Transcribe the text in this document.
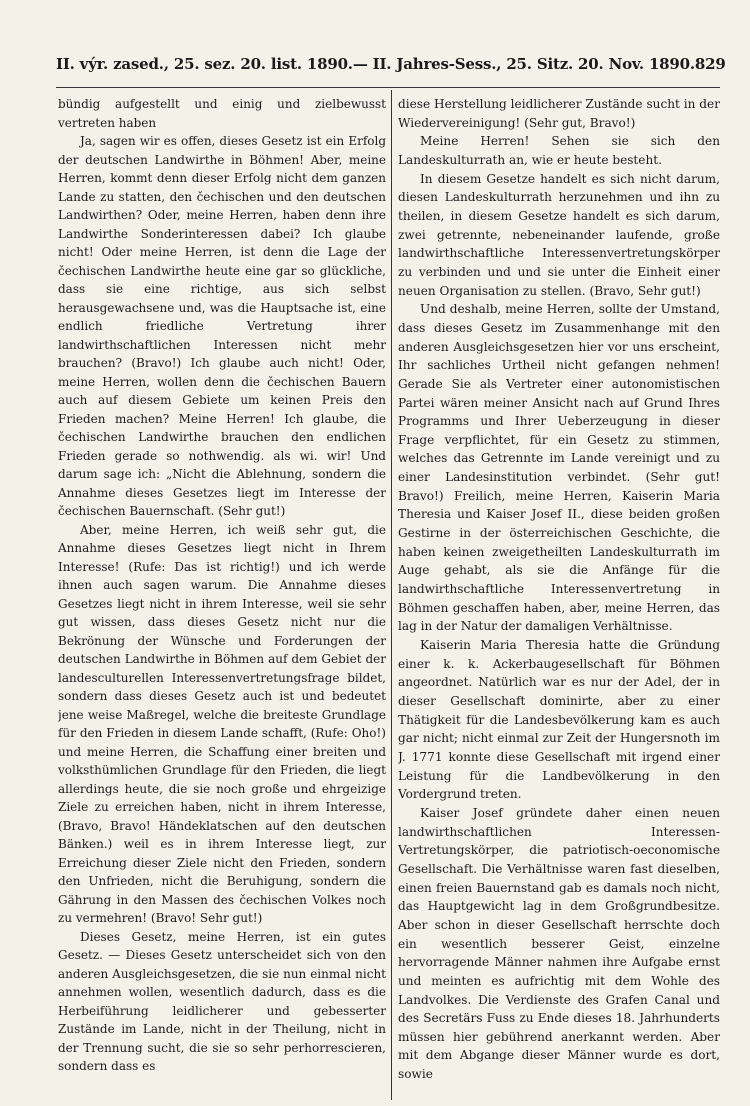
II. výr. zased., 25. sez. 20. list. 1890. — II. Jahres-Sess., 25. Sitz. 20. Nov. 1890. 829

bündig aufgestellt und einig und zielbewusst vertreten haben

Ja, sagen wir es offen, dieses Gesetz ist ein Erfolg der deutschen Landwirthe in Böhmen! Aber, meine Herren, kommt denn dieser Erfolg nicht dem ganzen Lande zu statten, den čechischen und den deutschen Landwirthen? Oder, meine Herren, haben denn ihre Landwirthe Sonderinteressen dabei? Ich glaube nicht! Oder meine Herren, ist denn die Lage der čechischen Landwirthe heute eine gar so glückliche, dass sie eine richtige, aus sich selbst herausgewachsene und, was die Hauptsache ist, eine endlich friedliche Vertretung ihrer landwirthschaftlichen Interessen nicht mehr brauchen? (Bravo!) Ich glaube auch nicht! Oder, meine Herren, wollen denn die čechischen Bauern auch auf diesem Gebiete um keinen Preis den Frieden machen? Meine Herren! Ich glaube, die čechischen Landwirthe brauchen den endlichen Frieden gerade so nothwendig. als wi. wir! Und darum sage ich: „Nicht die Ablehnung, sondern die Annahme dieses Gesetzes liegt im Interesse der čechischen Bauernschaft. (Sehr gut!)

Aber, meine Herren, ich weiß sehr gut, die Annahme dieses Gesetzes liegt nicht in Ihrem Interesse! (Rufe: Das ist richtig!) und ich werde ihnen auch sagen warum. Die Annahme dieses Gesetzes liegt nicht in ihrem Interesse, weil sie sehr gut wissen, dass dieses Gesetz nicht nur die Bekrönung der Wünsche und Forderungen der deutschen Landwirthe in Böhmen auf dem Gebiet der landesculturellen Interessenvertretungsfrage bildet, sondern dass dieses Gesetz auch ist und bedeutet jene weise Maßregel, welche die breiteste Grundlage für den Frieden in diesem Lande schafft, (Rufe: Oho!) und meine Herren, die Schaffung einer breiten und volksthümlichen Grundlage für den Frieden, die liegt allerdings heute, die sie noch große und ehrgeizige Ziele zu erreichen haben, nicht in ihrem Interesse, (Bravo, Bravo! Händeklatschen auf den deutschen Bänken.) weil es in ihrem Interesse liegt, zur Erreichung dieser Ziele nicht den Frieden, sondern den Unfrieden, nicht die Beruhigung, sondern die Gährung in den Massen des čechischen Volkes noch zu vermehren! (Bravo! Sehr gut!)

Dieses Gesetz, meine Herren, ist ein gutes Gesetz. — Dieses Gesetz unterscheidet sich von den anderen Ausgleichsgesetzen, die sie nun einmal nicht annehmen wollen, wesentlich dadurch, dass es die Herbeiführung leidlicherer und gebesserter Zustände im Lande, nicht in der Theilung, nicht in der Trennung sucht, die sie so sehr perhorrescieren, sondern dass es

diese Herstellung leidlicherer Zustände sucht in der Wiedervereinigung! (Sehr gut, Bravo!)

Meine Herren! Sehen sie sich den Landeskulturrath an, wie er heute besteht.

In diesem Gesetze handelt es sich nicht darum, diesen Landeskulturrath herzunehmen und ihn zu theilen, in diesem Gesetze handelt es sich darum, zwei getrennte, nebeneinander laufende, große landwirthschaftliche Interessenvertretungskörper zu verbinden und und sie unter die Einheit einer neuen Organisation zu stellen. (Bravo, Sehr gut!)

Und deshalb, meine Herren, sollte der Umstand, dass dieses Gesetz im Zusammenhange mit den anderen Ausgleichsgesetzen hier vor uns erscheint, Ihr sachliches Urtheil nicht gefangen nehmen! Gerade Sie als Vertreter einer autonomistischen Partei wären meiner Ansicht nach auf Grund Ihres Programms und Ihrer Ueberzeugung in dieser Frage verpflichtet, für ein Gesetz zu stimmen, welches das Getrennte im Lande vereinigt und zu einer Landesinstitution verbindet. (Sehr gut! Bravo!) Freilich, meine Herren, Kaiserin Maria Theresia und Kaiser Josef II., diese beiden großen Gestirne in der österreichischen Geschichte, die haben keinen zweigetheilten Landeskulturrath im Auge gehabt, als sie die Anfänge für die landwirthschaftliche Interessenvertretung in Böhmen geschaffen haben, aber, meine Herren, das lag in der Natur der damaligen Verhältnisse.

Kaiserin Maria Theresia hatte die Gründung einer k. k. Ackerbaugesellschaft für Böhmen angeordnet. Natürlich war es nur der Adel, der in dieser Gesellschaft dominirte, aber zu einer Thätigkeit für die Landesbevölkerung kam es auch gar nicht; nicht einmal zur Zeit der Hungersnoth im J. 1771 konnte diese Gesellschaft mit irgend einer Leistung für die Landbevölkerung in den Vordergrund treten.

Kaiser Josef gründete daher einen neuen landwirthschaftlichen Interessen-Vertretungskörper, die patriotisch-oeconomische Gesellschaft. Die Verhältnisse waren fast dieselben, einen freien Bauernstand gab es damals noch nicht, das Hauptgewicht lag in dem Großgrundbesitze. Aber schon in dieser Gesellschaft herrschte doch ein wesentlich besserer Geist, einzelne hervorragende Männer nahmen ihre Aufgabe ernst und meinten es aufrichtig mit dem Wohle des Landvolkes. Die Verdienste des Grafen Canal und des Secretärs Fuss zu Ende dieses 18. Jahrhunderts müssen hier gebührend anerkannt werden. Aber mit dem Abgange dieser Männer wurde es dort, sowie
